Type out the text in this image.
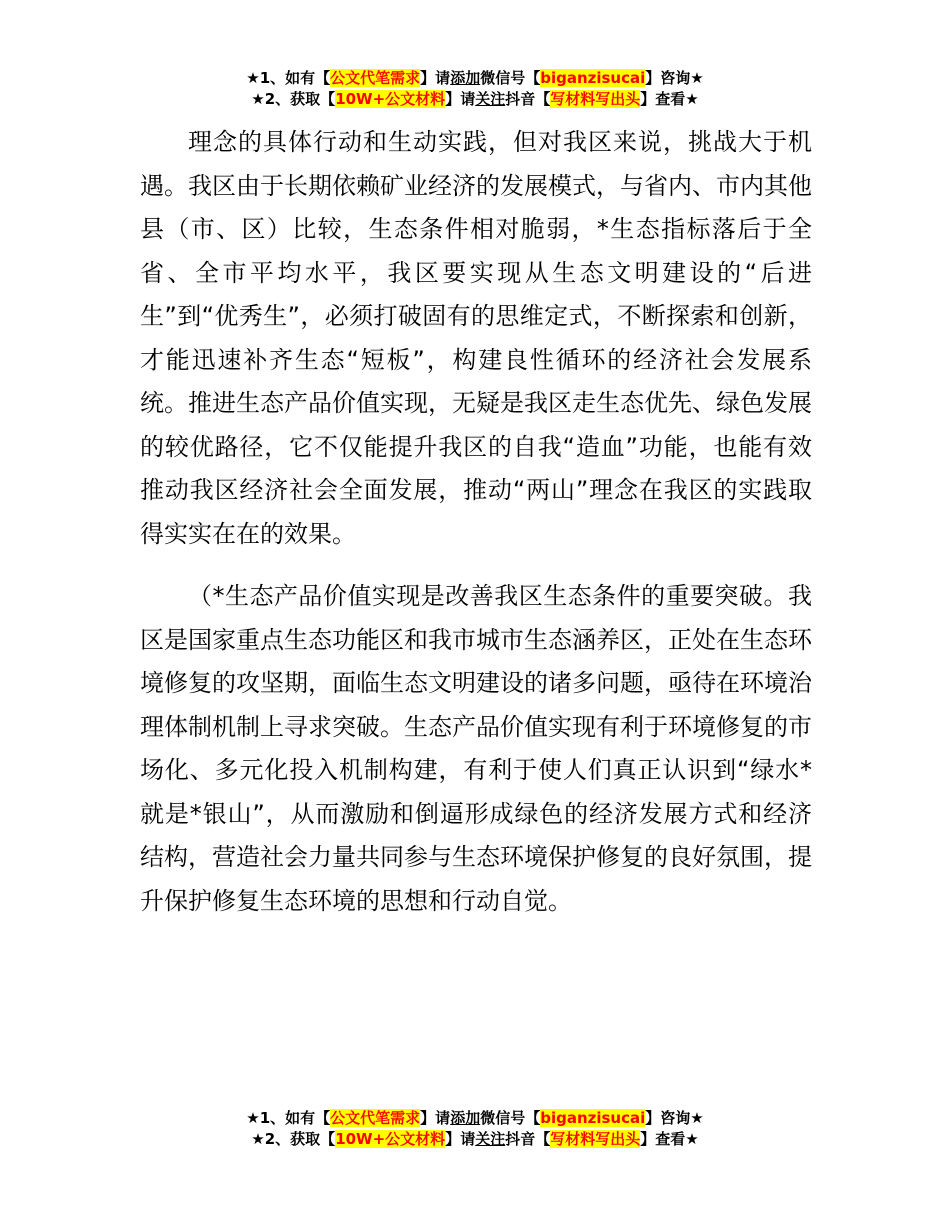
★1、如有【公文代笔需求】请添加微信号【biganzisucai】咨询★
★2、获取【10W+公文材料】请关注抖音【写材料写出头】查看★

理念的具体行动和生动实践，但对我区来说，挑战大于机遇。我区由于长期依赖矿业经济的发展模式，与省内、市内其他县（市、区）比较，生态条件相对脆弱，*生态指标落后于全省、全市平均水平，我区要实现从生态文明建设的“后进生”到“优秀生”，必须打破固有的思维定式，不断探索和创新，才能迅速补齐生态“短板”，构建良性循环的经济社会发展系统。推进生态产品价值实现，无疑是我区走生态优先、绿色发展的较优路径，它不仅能提升我区的自我“造血”功能，也能有效推动我区经济社会全面发展，推动“两山”理念在我区的实践取得实实在在的效果。

（*生态产品价值实现是改善我区生态条件的重要突破。我区是国家重点生态功能区和我市城市生态涵养区，正处在生态环境修复的攻坚期，面临生态文明建设的诸多问题，亟待在环境治理体制机制上寻求突破。生态产品价值实现有利于环境修复的市场化、多元化投入机制构建，有利于使人们真正认识到“绿水*就是*银山”，从而激励和倒逼形成绿色的经济发展方式和经济结构，营造社会力量共同参与生态环境保护修复的良好氛围，提升保护修复生态环境的思想和行动自觉。

★1、如有【公文代笔需求】请添加微信号【biganzisucai】咨询★
★2、获取【10W+公文材料】请关注抖音【写材料写出头】查看★
